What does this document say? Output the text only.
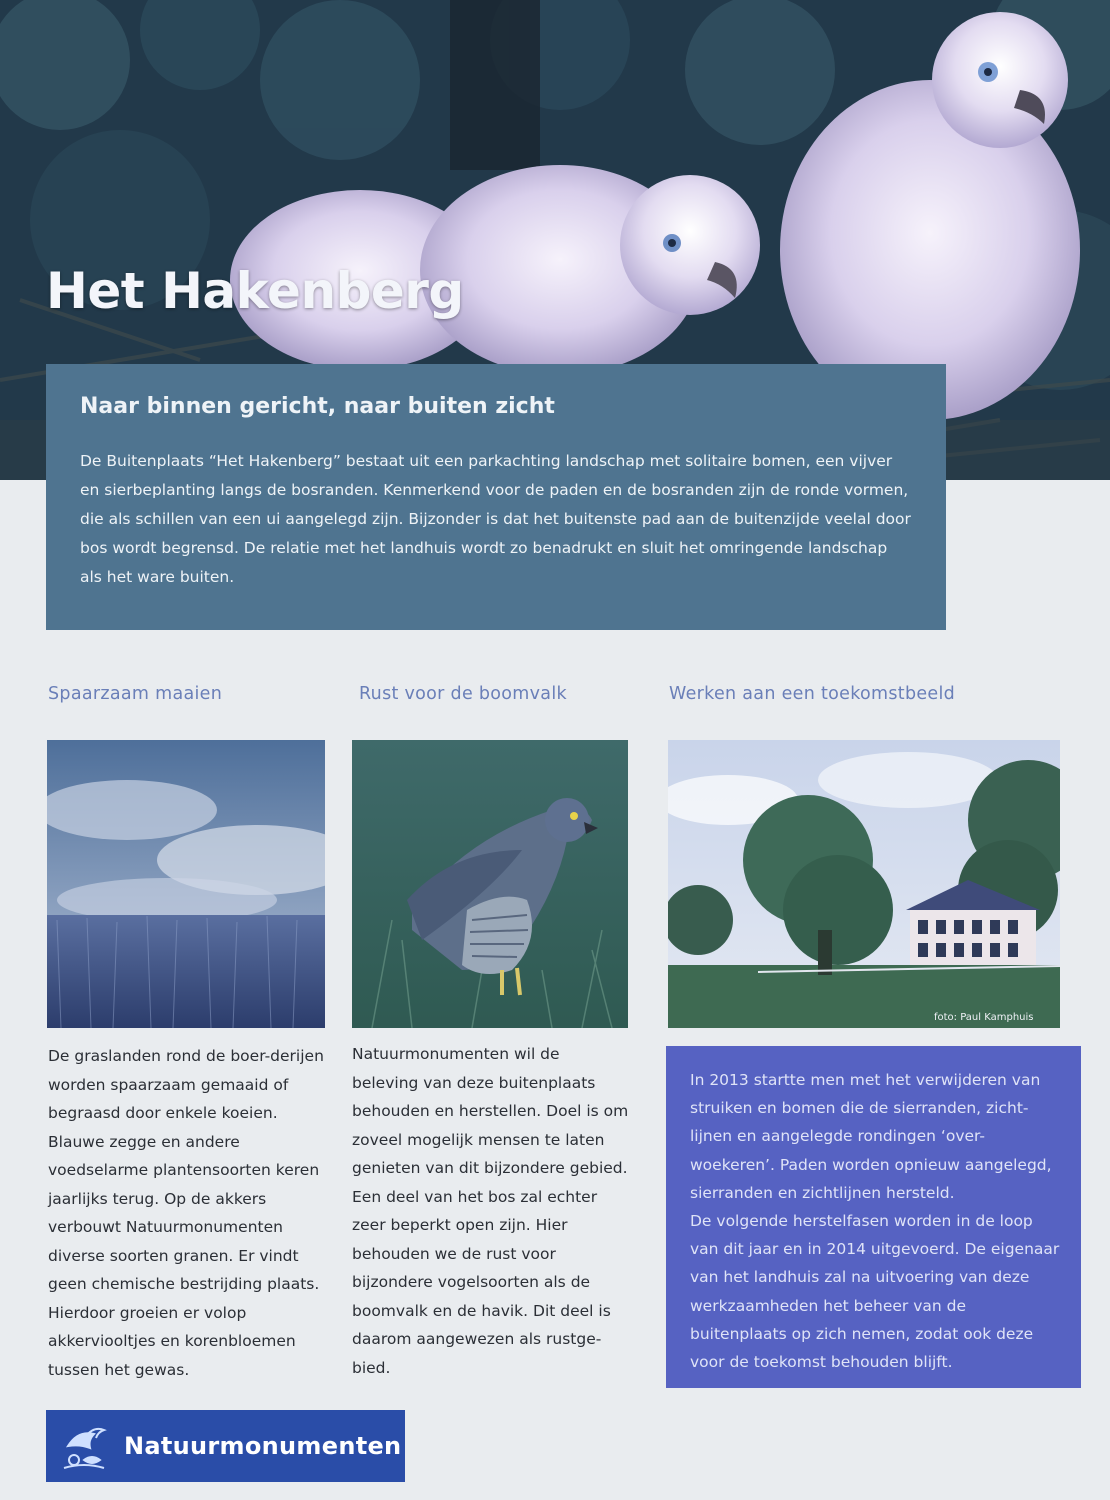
Het Hakenberg
Naar binnen gericht, naar buiten zicht

De Buitenplaats “Het Hakenberg” bestaat uit een parkachting landschap met solitaire bomen, een vijver en sierbeplanting langs de bosranden. Kenmerkend voor de paden en de bosranden zijn de ronde vormen, die als schillen van een ui aangelegd zijn. Bijzonder is dat het buitenste pad aan de buitenzijde veelal door bos wordt begrensd. De relatie met het landhuis wordt zo benadrukt en sluit het omringende landschap als het ware buiten.

Spaarzaam maaien	Rust voor de boomvalk	Werken aan een toekomstbeeld
foto: Paul Kamphuis

De graslanden rond de boer-derijen worden spaarzaam gemaaid of begraasd door enkele koeien. Blauwe zegge en andere voedselarme plantensoorten keren jaarlijks terug. Op de akkers verbouwt Natuurmonumenten diverse soorten granen. Er vindt geen chemische bestrijding plaats. Hierdoor groeien er volop akkerviooltjes en korenbloemen tussen het gewas.

Natuurmonumenten wil de beleving van deze buitenplaats behouden en herstellen. Doel is om zoveel mogelijk mensen te laten genieten van dit bijzondere gebied. Een deel van het bos zal echter zeer beperkt open zijn. Hier behouden we de rust voor bijzondere vogelsoorten als de boomvalk en de havik. Dit deel is daarom aangewezen als rustge-bied.

In 2013 startte men met het verwijderen van struiken en bomen die de sierranden, zicht-lijnen en aangelegde rondingen ‘over-woekeren’. Paden worden opnieuw aangelegd, sierranden en zichtlijnen hersteld.

De volgende herstelfasen worden in de loop van dit jaar en in 2014 uitgevoerd. De eigenaar van het landhuis zal na uitvoering van deze werkzaamheden het beheer van de buitenplaats op zich nemen, zodat ook deze voor de toekomst behouden blijft.

Natuurmonumenten
